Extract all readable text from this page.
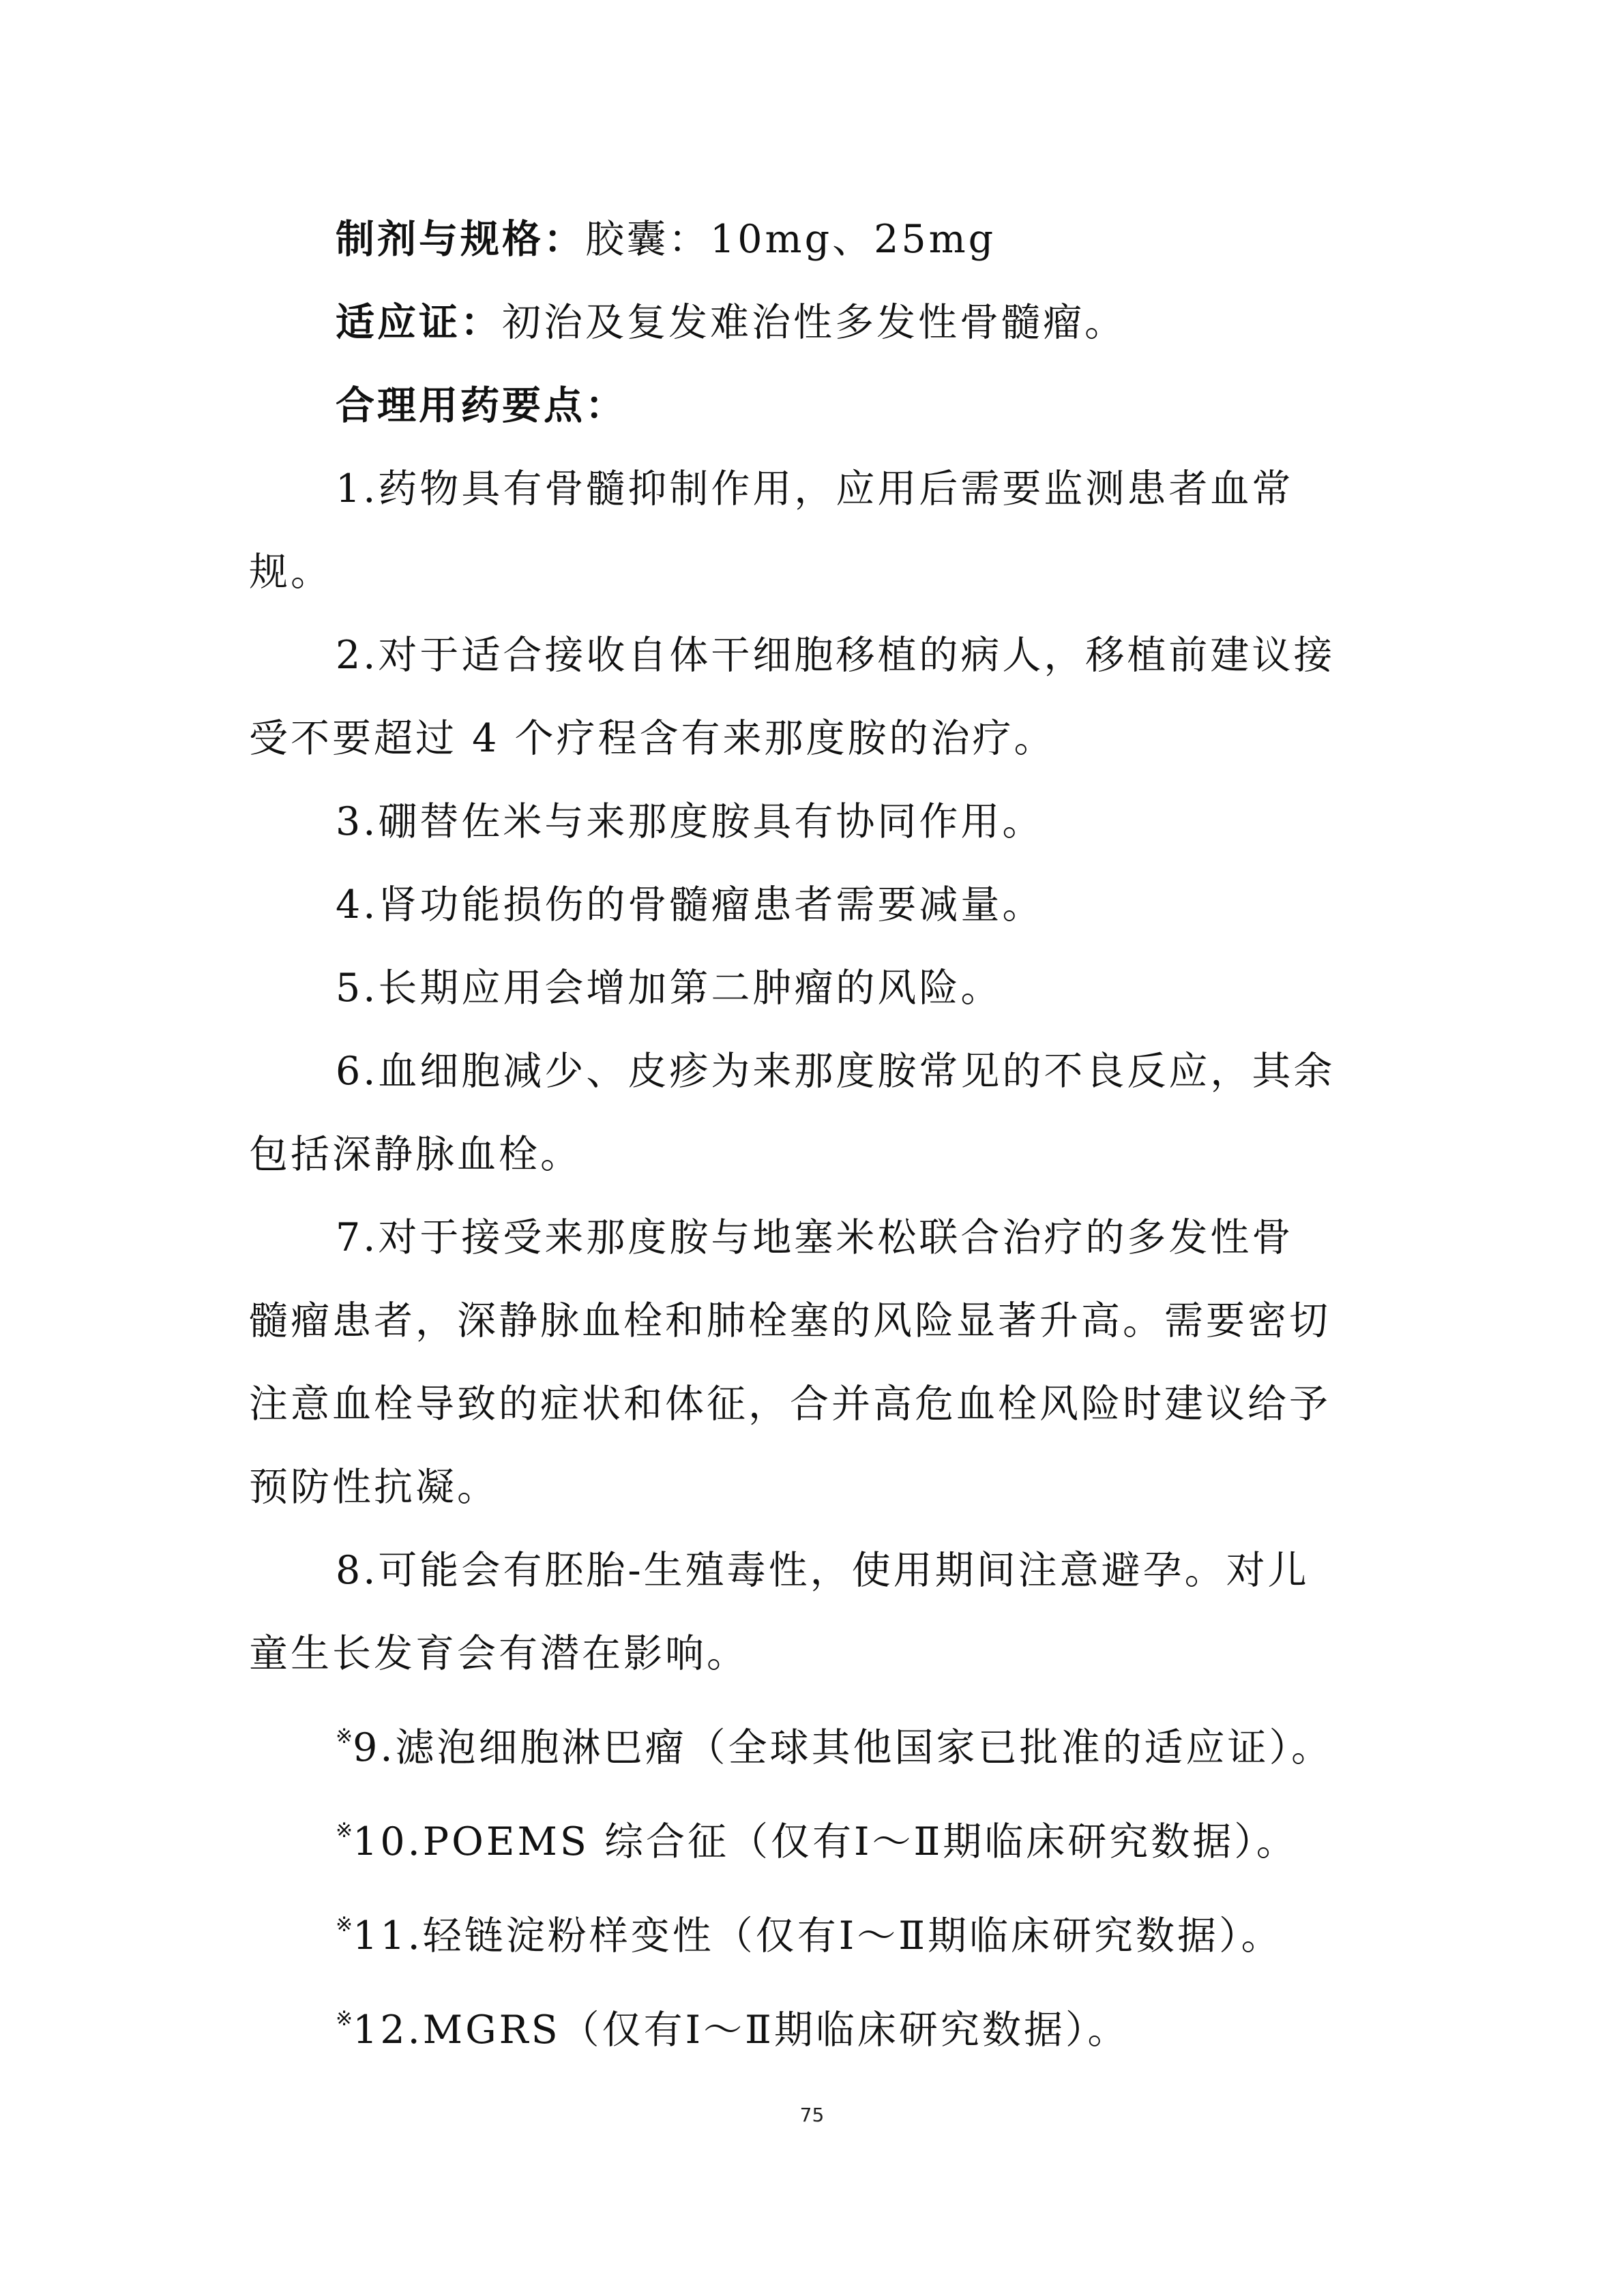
制剂与规格：胶囊：10mg、25mg

适应证：初治及复发难治性多发性骨髓瘤。

合理用药要点：

1.药物具有骨髓抑制作用，应用后需要监测患者血常

规。

2.对于适合接收自体干细胞移植的病人，移植前建议接

受不要超过 4 个疗程含有来那度胺的治疗。

3.硼替佐米与来那度胺具有协同作用。

4.肾功能损伤的骨髓瘤患者需要减量。

5.长期应用会增加第二肿瘤的风险。

6.血细胞减少、皮疹为来那度胺常见的不良反应，其余

包括深静脉血栓。

7.对于接受来那度胺与地塞米松联合治疗的多发性骨

髓瘤患者，深静脉血栓和肺栓塞的风险显著升高。需要密切

注意血栓导致的症状和体征，合并高危血栓风险时建议给予

预防性抗凝。

8.可能会有胚胎-生殖毒性，使用期间注意避孕。对儿

童生长发育会有潜在影响。

※9.滤泡细胞淋巴瘤（全球其他国家已批准的适应证）。

※10.POEMS 综合征（仅有Ⅰ～Ⅱ期临床研究数据）。

※11.轻链淀粉样变性（仅有Ⅰ～Ⅱ期临床研究数据）。

※12.MGRS（仅有Ⅰ～Ⅱ期临床研究数据）。

75
